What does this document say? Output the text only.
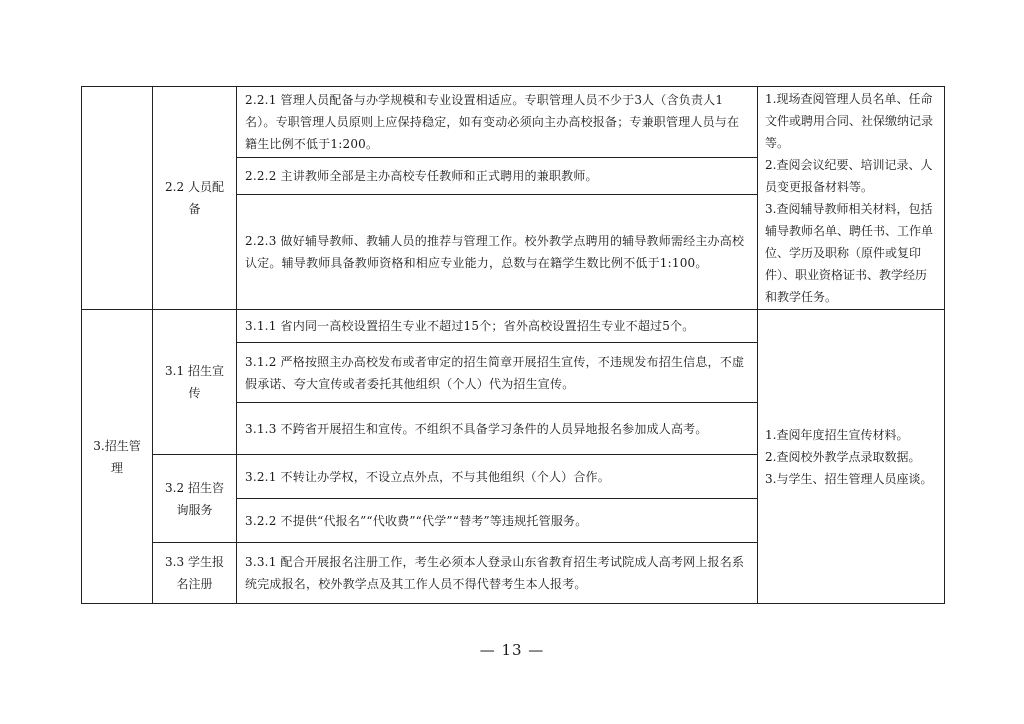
	2.2 人员配备	2.2.1 管理人员配备与办学规模和专业设置相适应。专职管理人员不少于3人（含负责人1名）。专职管理人员原则上应保持稳定，如有变动必须向主办高校报备；专兼职管理人员与在籍生比例不低于1:200。	1.现场查阅管理人员名单、任命文件或聘用合同、社保缴纳记录等。
2.查阅会议纪要、培训记录、人员变更报备材料等。
3.查阅辅导教师相关材料，包括辅导教师名单、聘任书、工作单位、学历及职称（原件或复印件）、职业资格证书、教学经历和教学任务。

		2.2.2 主讲教师全部是主办高校专任教师和正式聘用的兼职教师。	
		2.2.3 做好辅导教师、教辅人员的推荐与管理工作。校外教学点聘用的辅导教师需经主办高校认定。辅导教师具备教师资格和相应专业能力，总数与在籍学生数比例不低于1:100。	
3.招生管理	3.1 招生宣传	3.1.1 省内同一高校设置招生专业不超过15个；省外高校设置招生专业不超过5个。	1.查阅年度招生宣传材料。
2.查阅校外教学点录取数据。
3.与学生、招生管理人员座谈。

		3.1.2 严格按照主办高校发布或者审定的招生简章开展招生宣传，不违规发布招生信息，不虚假承诺、夸大宣传或者委托其他组织（个人）代为招生宣传。	
		3.1.3 不跨省开展招生和宣传。不组织不具备学习条件的人员异地报名参加成人高考。	
	3.2 招生咨询服务	3.2.1 不转让办学权，不设立点外点，不与其他组织（个人）合作。	
		3.2.2 不提供“代报名”“代收费”“代学”“替考”等违规托管服务。	
	3.3 学生报名注册	3.3.1 配合开展报名注册工作，考生必须本人登录山东省教育招生考试院成人高考网上报名系统完成报名，校外教学点及其工作人员不得代替考生本人报考。	
— 13 —
